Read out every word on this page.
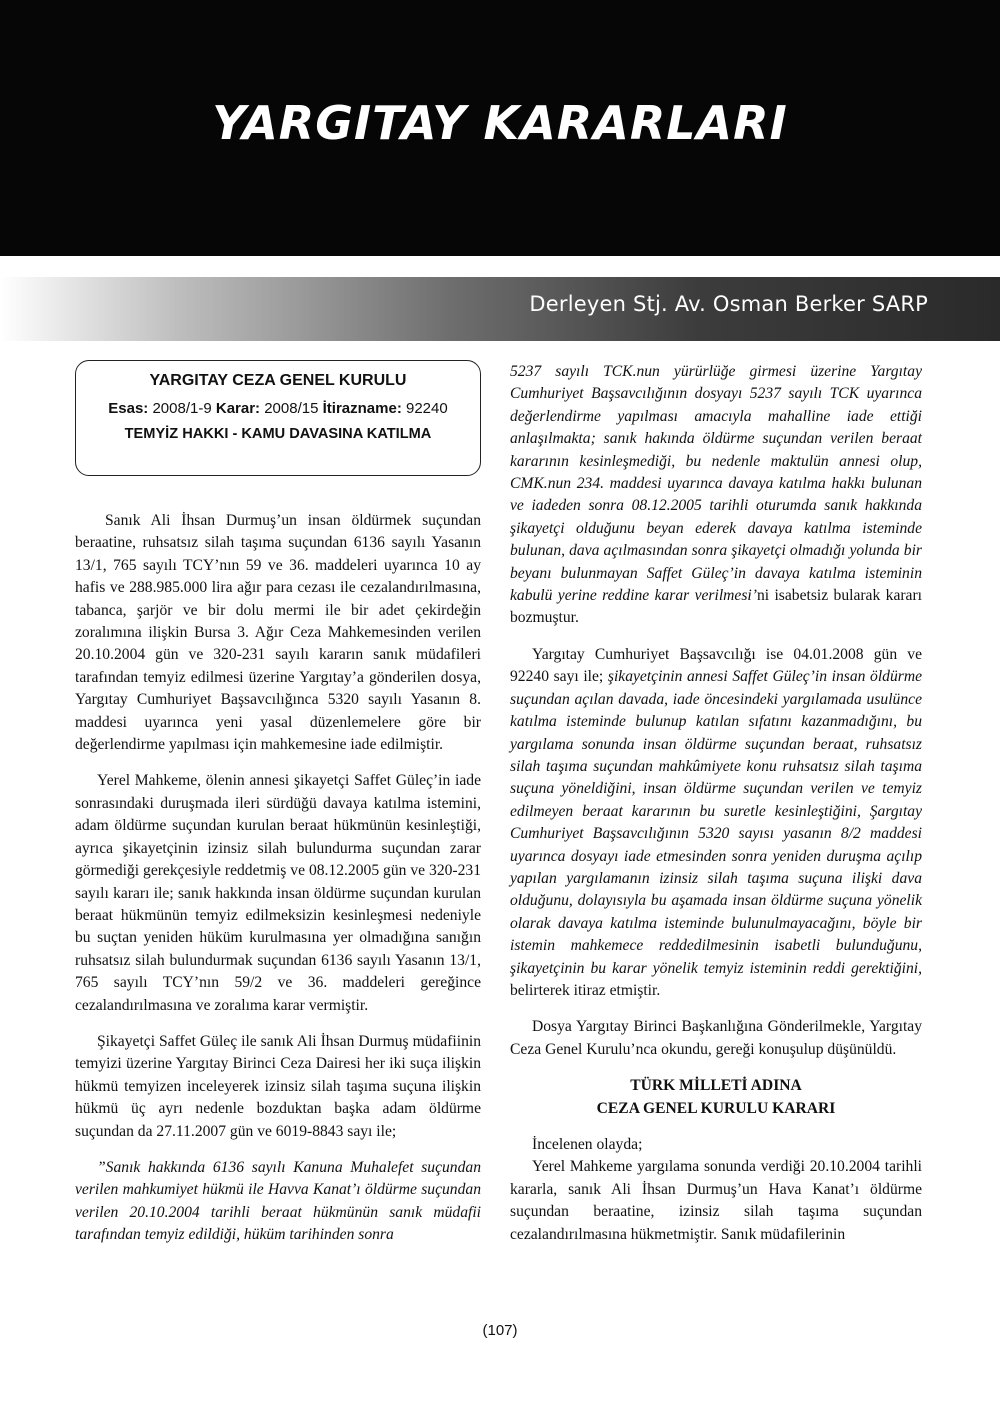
YARGITAY KARARLARI
Derleyen Stj. Av. Osman Berker SARP
YARGITAY CEZA GENEL KURULU
Esas: 2008/1-9 Karar: 2008/15 İtirazname: 92240
TEMYİZ HAKKI - KAMU DAVASINA KATILMA

Sanık Ali İhsan Durmuş’un insan öldürmek suçundan beraatine, ruhsatsız silah taşıma suçundan 6136 sayılı Yasanın 13/1, 765 sayılı TCY’nın 59 ve 36. maddeleri uyarınca 10 ay hafis ve 288.985.000 lira ağır para cezası ile cezalandırılmasına, tabanca, şarjör ve bir dolu mermi ile bir adet çekirdeğin zoralımına ilişkin Bursa 3. Ağır Ceza Mahkemesinden verilen 20.10.2004 gün ve 320-231 sayılı kararın sanık müdafileri tarafından temyiz edilmesi üzerine Yargıtay’a gönderilen dosya, Yargıtay Cumhuriyet Başsavcılığınca 5320 sayılı Yasanın 8. maddesi uyarınca yeni yasal düzenlemelere göre bir değerlendirme yapılması için mahkemesine iade edilmiştir.

Yerel Mahkeme, ölenin annesi şikayetçi Saffet Güleç’in iade sonrasındaki duruşmada ileri sürdüğü davaya katılma istemini, adam öldürme suçundan kurulan beraat hükmünün kesinleştiği, ayrıca şikayetçinin izinsiz silah bulundurma suçundan zarar görmediği gerekçesiyle reddetmiş ve 08.12.2005 gün ve 320-231 sayılı kararı ile; sanık hakkında insan öldürme suçundan kurulan beraat hükmünün temyiz edilmeksizin kesinleşmesi nedeniyle bu suçtan yeniden hüküm kurulmasına yer olmadığına sanığın ruhsatsız silah bulundurmak suçundan 6136 sayılı Yasanın 13/1, 765 sayılı TCY’nın 59/2 ve 36. maddeleri gereğince cezalandırılmasına ve zoralıma karar vermiştir.

Şikayetçi Saffet Güleç ile sanık Ali İhsan Durmuş müdafiinin temyizi üzerine Yargıtay Birinci Ceza Dairesi her iki suça ilişkin hükmü temyizen inceleyerek izinsiz silah taşıma suçuna ilişkin hükmü üç ayrı nedenle bozduktan başka adam öldürme suçundan da 27.11.2007 gün ve 6019-8843 sayı ile;

”Sanık hakkında 6136 sayılı Kanuna Muhalefet suçundan verilen mahkumiyet hükmü ile Havva Kanat’ı öldürme suçundan verilen 20.10.2004 tarihli beraat hükmünün sanık müdafii tarafından temyiz edildiği, hüküm tarihinden sonra

5237 sayılı TCK.nun yürürlüğe girmesi üzerine Yargıtay Cumhuriyet Başsavcılığının dosyayı 5237 sayılı TCK uyarınca değerlendirme yapılması amacıyla mahalline iade ettiği anlaşılmakta; sanık hakında öldürme suçundan verilen beraat kararının kesinleşmediği, bu nedenle maktulün annesi olup, CMK.nun 234. maddesi uyarınca davaya katılma hakkı bulunan ve iadeden sonra 08.12.2005 tarihli oturumda sanık hakkında şikayetçi olduğunu beyan ederek davaya katılma isteminde bulunan, dava açılmasından sonra şikayetçi olmadığı yolunda bir beyanı bulunmayan Saffet Güleç’in davaya katılma isteminin kabulü yerine reddine karar verilmesi’ni isabetsiz bularak kararı bozmuştur.

Yargıtay Cumhuriyet Başsavcılığı ise 04.01.2008 gün ve 92240 sayı ile; şikayetçinin annesi Saffet Güleç’in insan öldürme suçundan açılan davada, iade öncesindeki yargılamada usulünce katılma isteminde bulunup katılan sıfatını kazanmadığını, bu yargılama sonunda insan öldürme suçundan beraat, ruhsatsız silah taşıma suçundan mahkûmiyete konu ruhsatsız silah taşıma suçuna yöneldiğini, insan öldürme suçundan verilen ve temyiz edilmeyen beraat kararının bu suretle kesinleştiğini, Şargıtay Cumhuriyet Başsavcılığının 5320 sayısı yasanın 8/2 maddesi uyarınca dosyayı iade etmesinden sonra yeniden duruşma açılıp yapılan yargılamanın izinsiz silah taşıma suçuna ilişki dava olduğunu, dolayısıyla bu aşamada insan öldürme suçuna yönelik olarak davaya katılma isteminde bulunulmayacağını, böyle bir istemin mahkemece reddedilmesinin isabetli bulunduğunu, şikayetçinin bu karar yönelik temyiz isteminin reddi gerektiğini, belirterek itiraz etmiştir.

Dosya Yargıtay Birinci Başkanlığına Gönderilmekle, Yargıtay Ceza Genel Kurulu’nca okundu, gereği konuşulup düşünüldü.

TÜRK MİLLETİ ADINA
CEZA GENEL KURULU KARARI

İncelenen olayda;

Yerel Mahkeme yargılama sonunda verdiği 20.10.2004 tarihli kararla, sanık Ali İhsan Durmuş’un Hava Kanat’ı öldürme suçundan beraatine, izinsiz silah taşıma suçundan cezalandırılmasına hükmetmiştir. Sanık müdafilerinin

(107)
